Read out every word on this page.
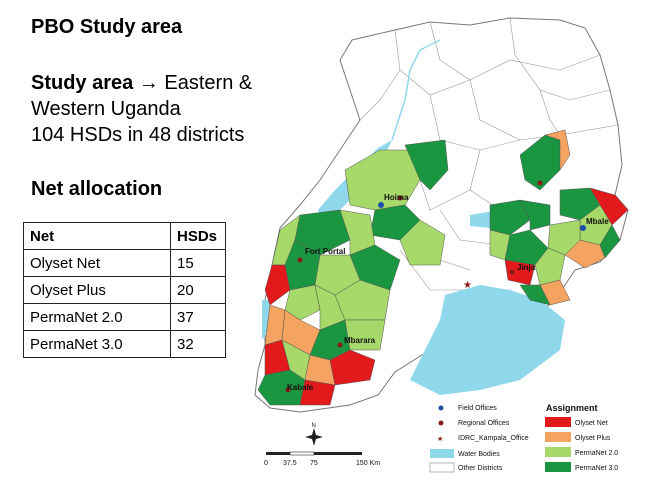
PBO Study area
Study area → Eastern &
Western Uganda
104 HSDs in 48 districts
Net allocation
Net	HSDs
Olyset Net	15
Olyset Plus	20
PermaNet 2.0	37
PermaNet 3.0	32
★
Hoima
Fort Portal
Jinja
Mbale
Mbarara
Kabale
N
0 37.5 75	150 Km
Field Offices
Regional Offices
★ IDRC_Kampala_Office
Water Bodies
Other Districts
Assignment
Olyset Net
Olyset Plus
PermaNet 2.0
PermaNet 3.0
